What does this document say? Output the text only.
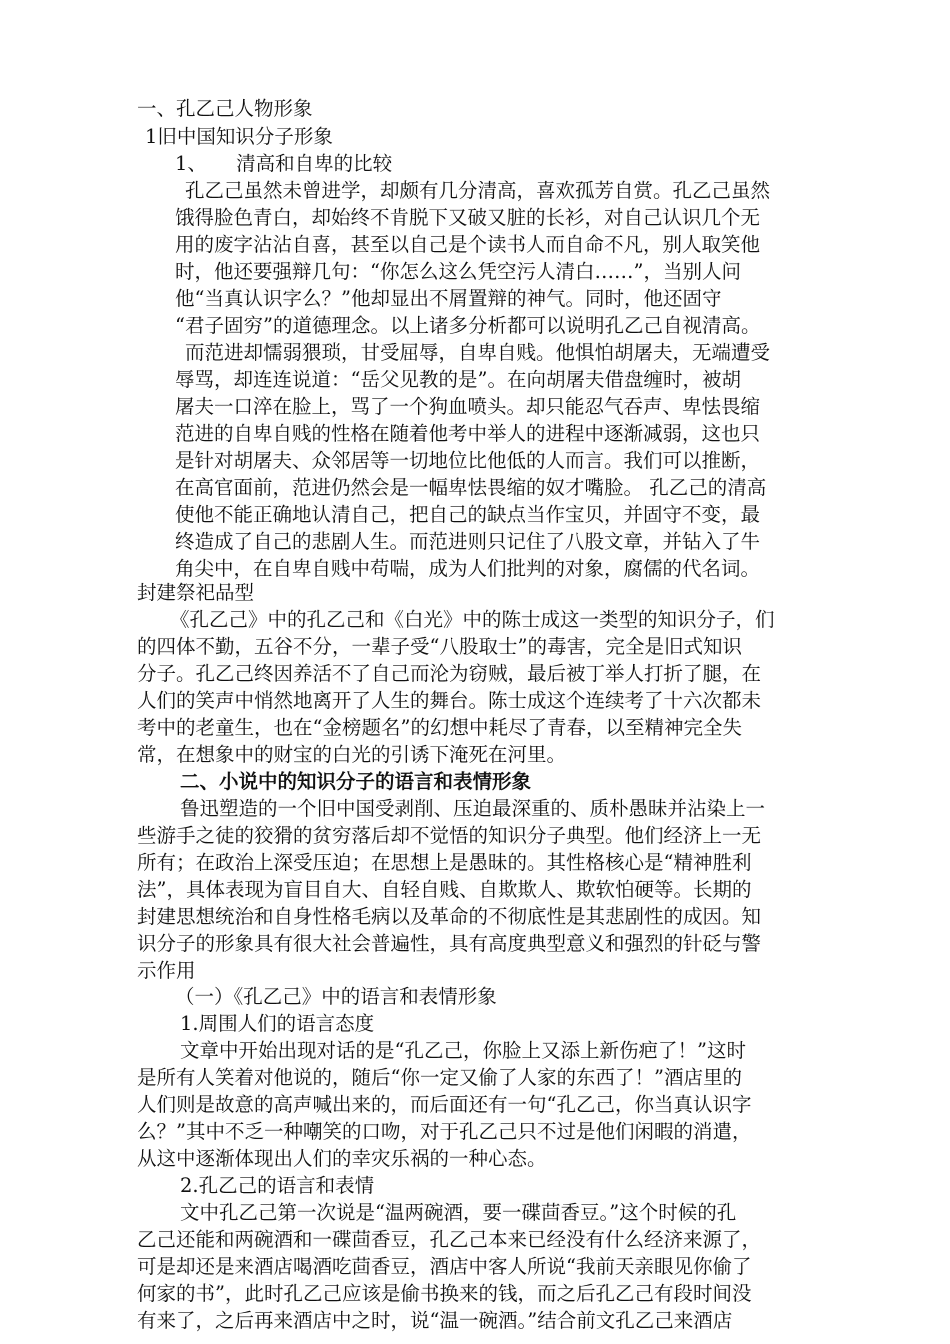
一、孔乙己人物形象
1旧中国知识分子形象
1、　　清高和自卑的比较
孔乙己虽然未曾进学，却颇有几分清高，喜欢孤芳自赏。孔乙己虽然
饿得脸色青白，却始终不肯脱下又破又脏的长衫，对自己认识几个无
用的废字沾沾自喜，甚至以自己是个读书人而自命不凡，别人取笑他
时，他还要强辩几句：“你怎么这么凭空污人清白……”，当别人问
他“当真认识字么？”他却显出不屑置辩的神气。同时，他还固守
“君子固穷”的道德理念。以上诸多分析都可以说明孔乙己自视清高。
而范进却懦弱猥琐，甘受屈辱，自卑自贱。他惧怕胡屠夫，无端遭受
辱骂，却连连说道：“岳父见教的是”。在向胡屠夫借盘缠时，被胡
屠夫一口淬在脸上，骂了一个狗血喷头。却只能忍气吞声、卑怯畏缩
范进的自卑自贱的性格在随着他考中举人的进程中逐渐减弱，这也只
是针对胡屠夫、众邻居等一切地位比他低的人而言。我们可以推断，
在高官面前，范进仍然会是一幅卑怯畏缩的奴才嘴脸。 孔乙己的清高
使他不能正确地认清自己，把自己的缺点当作宝贝，并固守不变，最
终造成了自己的悲剧人生。而范进则只记住了八股文章，并钻入了牛
角尖中，在自卑自贱中苟喘，成为人们批判的对象，腐儒的代名词。
封建祭祀品型
《孔乙己》中的孔乙己和《白光》中的陈士成这一类型的知识分子，们
的四体不勤，五谷不分，一辈子受“八股取士”的毒害，完全是旧式知识
分子。孔乙己终因养活不了自己而沦为窃贼，最后被丁举人打折了腿，在
人们的笑声中悄然地离开了人生的舞台。陈士成这个连续考了十六次都未
考中的老童生，也在“金榜题名”的幻想中耗尽了青春，以至精神完全失
常，在想象中的财宝的白光的引诱下淹死在河里。
二、小说中的知识分子的语言和表情形象
鲁迅塑造的一个旧中国受剥削、压迫最深重的、质朴愚昧并沾染上一
些游手之徒的狡猾的贫穷落后却不觉悟的知识分子典型。他们经济上一无
所有；在政治上深受压迫；在思想上是愚昧的。其性格核心是“精神胜利
法”，具体表现为盲目自大、自轻自贱、自欺欺人、欺软怕硬等。长期的
封建思想统治和自身性格毛病以及革命的不彻底性是其悲剧性的成因。知
识分子的形象具有很大社会普遍性，具有高度典型意义和强烈的针砭与警
示作用
（一）《孔乙己》中的语言和表情形象
1.周围人们的语言态度
文章中开始出现对话的是“孔乙己，你脸上又添上新伤疤了！”这时
是所有人笑着对他说的，随后“你一定又偷了人家的东西了！”酒店里的
人们则是故意的高声喊出来的，而后面还有一句“孔乙己，你当真认识字
么？”其中不乏一种嘲笑的口吻，对于孔乙己只不过是他们闲暇的消遣，
从这中逐渐体现出人们的幸灾乐祸的一种心态。
2.孔乙己的语言和表情
文中孔乙己第一次说是“温两碗酒，要一碟茴香豆。”这个时候的孔
乙己还能和两碗酒和一碟茴香豆，孔乙己本来已经没有什么经济来源了，
可是却还是来酒店喝酒吃茴香豆，酒店中客人所说“我前天亲眼见你偷了
何家的书”，此时孔乙己应该是偷书换来的钱，而之后孔乙己有段时间没
有来了，之后再来酒店中之时，说“温一碗酒。”结合前文孔乙己来酒店
